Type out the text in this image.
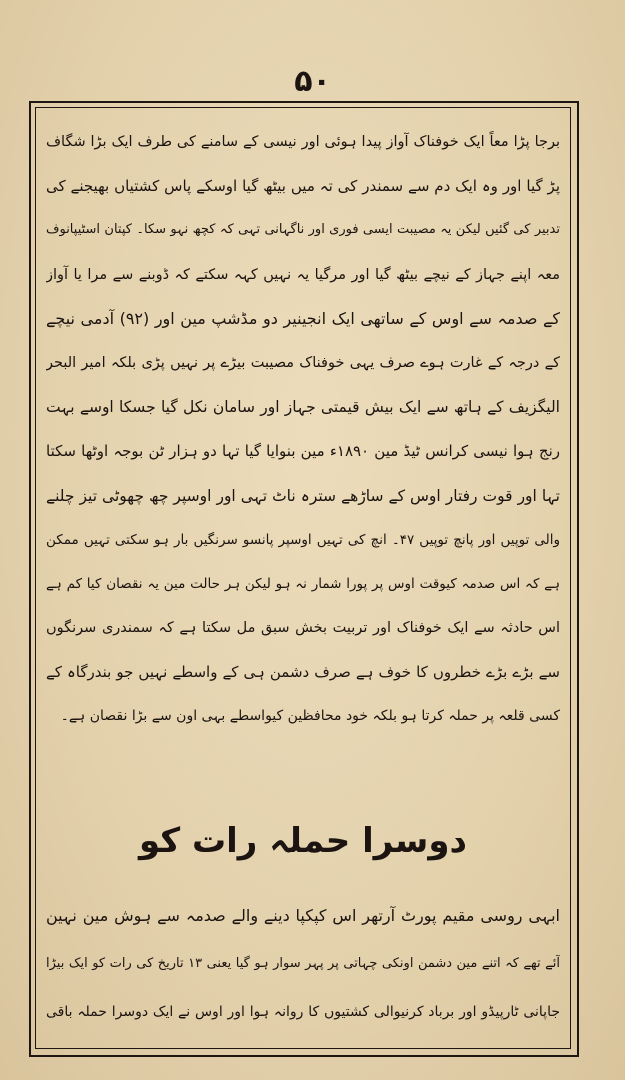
۵۰
برجا پڑا معاً ایک خوفناک آواز پیدا ہوئی اور نیسی کے سامنے کی طرف ایک بڑا شگاف
پڑ گیا اور وہ ایک دم سے سمندر کی تہ میں بیٹھ گیا اوسکے پاس کشتیاں بھیجنے کی
تدبیر کی گئیں لیکن یہ مصیبت ایسی فوری اور ناگہانی تہی کہ کچھ نہو سکا۔ کپتان اسٹیپانوف
معہ اپنے جہاز کے نیچے بیٹھ گیا اور مرگیا یہ نہیں کہہ سکتے کہ ڈوبنے سے مرا یا آواز
کے صدمہ سے اوس کے ساتھی ایک انجینیر دو مڈشپ مین اور (۹۲) آدمی نیچے
کے درجہ کے غارت ہوے صرف یہی خوفناک مصیبت بیڑے پر نہیں پڑی بلکہ امیر البحر
الیگزیف کے ہاتھ سے ایک بیش قیمتی جہاز اور سامان نکل گیا جسکا اوسے بہت
رنج ہوا نیسی کرانس ٹیڈ مین ۱۸۹۰ء مین بنوایا گیا تہا دو ہزار ٹن بوجہ اوٹھا سکتا
تہا اور قوت رفتار اوس کے ساڑھے سترہ ناٹ تہی اور اوسپر چھ چھوٹی تیز چلنے
والی توپیں اور پانچ توپیں ۴۷۔ انچ کی تہیں اوسپر پانسو سرنگیں بار ہو سکتی تہیں ممکن
ہے کہ اس صدمہ کیوقت اوس پر پورا شمار نہ ہو لیکن ہر حالت مین یہ نقصان کیا کم ہے
اس حادثہ سے ایک خوفناک اور تربیت بخش سبق مل سکتا ہے کہ سمندری سرنگوں
سے بڑے بڑے خطروں کا خوف ہے صرف دشمن ہی کے واسطے نہیں جو بندرگاہ کے
کسی قلعہ پر حملہ کرتا ہو بلکہ خود محافظین کیواسطے بہی اون سے بڑا نقصان ہے۔
دوسرا حملہ رات کو
ابہی روسی مقیم پورٹ آرتھر اس کپکپا دینے والے صدمہ سے ہوش مین نہین
آئے تھے کہ اتنے مین دشمن اونکی چہاتی پر پہر سوار ہو گیا یعنی ۱۳ تاریخ کی رات کو ایک بیڑا
جاپانی ٹارپیڈو اور برباد کرنیوالی کشتیوں کا روانہ ہوا اور اوس نے ایک دوسرا حملہ باقی
